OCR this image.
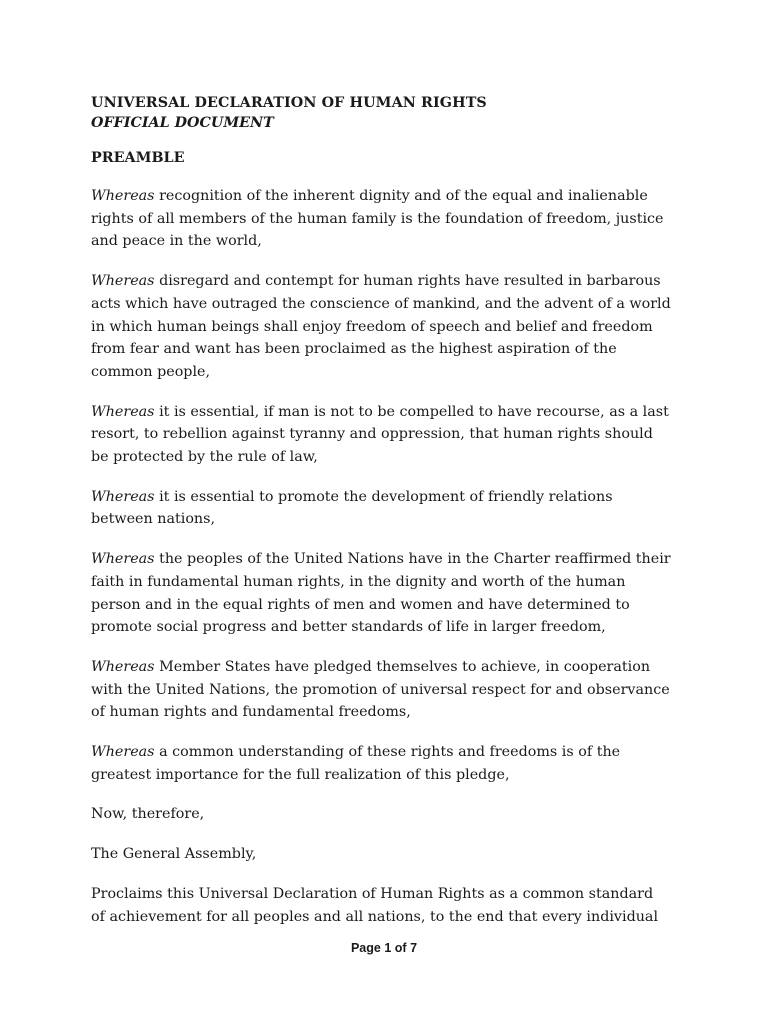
UNIVERSAL DECLARATION OF HUMAN RIGHTS
OFFICIAL DOCUMENT
PREAMBLE
Whereas recognition of the inherent dignity and of the equal and inalienable
rights of all members of the human family is the foundation of freedom, justice
and peace in the world,
Whereas disregard and contempt for human rights have resulted in barbarous
acts which have outraged the conscience of mankind, and the advent of a world
in which human beings shall enjoy freedom of speech and belief and freedom
from fear and want has been proclaimed as the highest aspiration of the
common people,
Whereas it is essential, if man is not to be compelled to have recourse, as a last
resort, to rebellion against tyranny and oppression, that human rights should
be protected by the rule of law,
Whereas it is essential to promote the development of friendly relations
between nations,
Whereas the peoples of the United Nations have in the Charter reaffirmed their
faith in fundamental human rights, in the dignity and worth of the human
person and in the equal rights of men and women and have determined to
promote social progress and better standards of life in larger freedom,
Whereas Member States have pledged themselves to achieve, in cooperation
with the United Nations, the promotion of universal respect for and observance
of human rights and fundamental freedoms,
Whereas a common understanding of these rights and freedoms is of the
greatest importance for the full realization of this pledge,
Now, therefore,
The General Assembly,
Proclaims this Universal Declaration of Human Rights as a common standard
of achievement for all peoples and all nations, to the end that every individual
Page 1 of 7
